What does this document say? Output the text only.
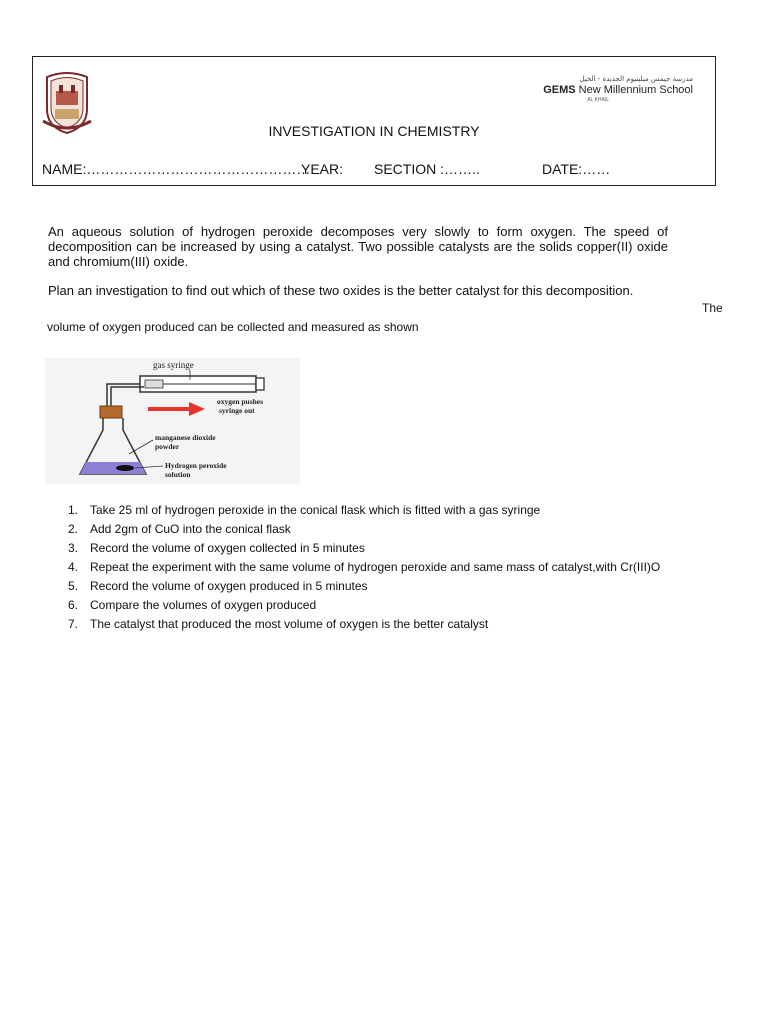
مدرسة جيمس ميلينيوم الجديدة - الخيل
GEMS New Millennium School
AL KHAIL
INVESTIGATION IN CHEMISTRY
NAME:…………………………………………
YEAR: SECTION :……..	DATE:……
An aqueous solution of hydrogen peroxide decomposes very slowly to form oxygen. The speed of decomposition can be increased by using a catalyst. Two possible catalysts are the solids copper(II) oxide and chromium(III) oxide.
Plan an investigation to find out which of these two oxides is the better catalyst for this decomposition.
The
volume of oxygen produced can be collected and measured as shown
gas syringe
oxygen pushes
syringe out
manganese dioxide
powder
Hydrogen peroxide
solution
1. Take 25 ml of hydrogen peroxide in the conical flask which is fitted with a gas syringe
2. Add 2gm of CuO into the conical flask
3. Record the volume of oxygen collected in 5 minutes
4. Repeat the experiment with the same volume of hydrogen peroxide and same mass of catalyst,with Cr(III)O
5. Record the volume of oxygen produced in 5 minutes
6. Compare the volumes of oxygen produced
7. The catalyst that produced the most volume of oxygen is the better catalyst
